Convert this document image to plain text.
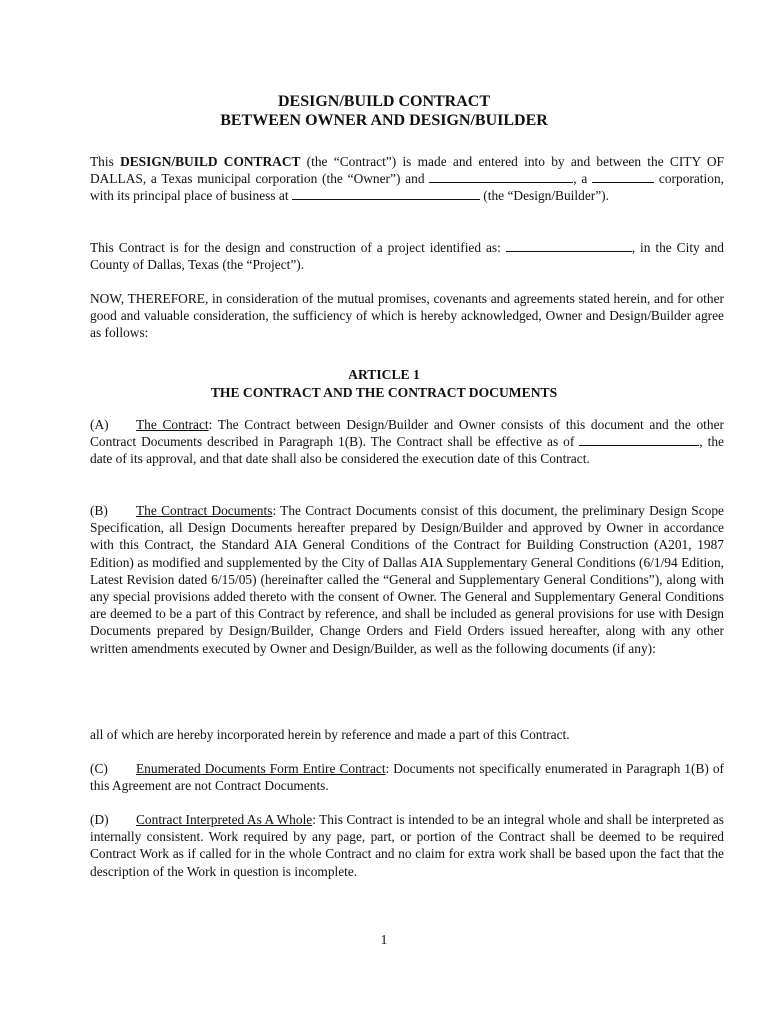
DESIGN/BUILD CONTRACT
BETWEEN OWNER AND DESIGN/BUILDER
This DESIGN/BUILD CONTRACT (the “Contract”) is made and entered into by and between the CITY OF DALLAS, a Texas municipal corporation (the “Owner”) and	, a	corporation, with its principal place of business at	(the “Design/Builder”).
This Contract is for the design and construction of a project identified as:	, in the City and County of Dallas, Texas (the “Project”).
NOW, THEREFORE, in consideration of the mutual promises, covenants and agreements stated herein, and for other good and valuable consideration, the sufficiency of which is hereby acknowledged, Owner and Design/Builder agree as follows:
ARTICLE 1
THE CONTRACT AND THE CONTRACT DOCUMENTS
(A) The Contract: The Contract between Design/Builder and Owner consists of this document and the other Contract Documents described in Paragraph 1(B). The Contract shall be effective as of	, the date of its approval, and that date shall also be considered the execution date of this Contract.
(B) The Contract Documents: The Contract Documents consist of this document, the preliminary Design Scope Specification, all Design Documents hereafter prepared by Design/Builder and approved by Owner in accordance with this Contract, the Standard AIA General Conditions of the Contract for Building Construction (A201, 1987 Edition) as modified and supplemented by the City of Dallas AIA Supplementary General Conditions (6/1/94 Edition, Latest Revision dated 6/15/05) (hereinafter called the “General and Supplementary General Conditions”), along with any special provisions added thereto with the consent of Owner. The General and Supplementary General Conditions are deemed to be a part of this Contract by reference, and shall be included as general provisions for use with Design Documents prepared by Design/Builder, Change Orders and Field Orders issued hereafter, along with any other written amendments executed by Owner and Design/Builder, as well as the following documents (if any):
all of which are hereby incorporated herein by reference and made a part of this Contract.
(C) Enumerated Documents Form Entire Contract: Documents not specifically enumerated in Paragraph 1(B) of this Agreement are not Contract Documents.
(D) Contract Interpreted As A Whole: This Contract is intended to be an integral whole and shall be interpreted as internally consistent. Work required by any page, part, or portion of the Contract shall be deemed to be required Contract Work as if called for in the whole Contract and no claim for extra work shall be based upon the fact that the description of the Work in question is incomplete.
1
